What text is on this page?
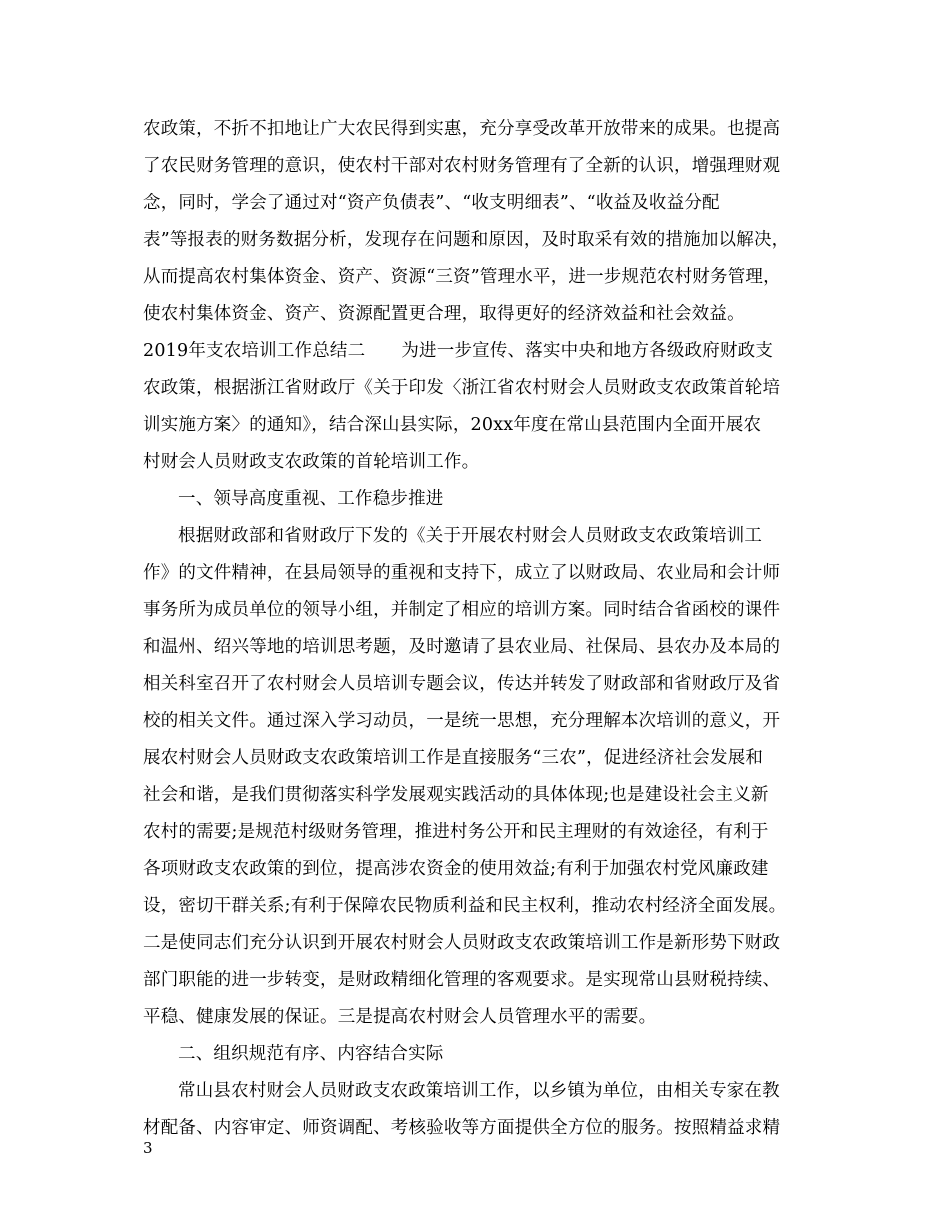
农政策，不折不扣地让广大农民得到实惠，充分享受改革开放带来的成果。也提高
了农民财务管理的意识，使农村干部对农村财务管理有了全新的认识，增强理财观
念，同时，学会了通过对“资产负债表”、“收支明细表”、“收益及收益分配
表”等报表的财务数据分析，发现存在问题和原因，及时取采有效的措施加以解决，
从而提高农村集体资金、资产、资源“三资”管理水平，进一步规范农村财务管理，
使农村集体资金、资产、资源配置更合理，取得更好的经济效益和社会效益。
2019年支农培训工作总结二 为进一步宣传、落实中央和地方各级政府财政支
农政策，根据浙江省财政厅《关于印发〈浙江省农村财会人员财政支农政策首轮培
训实施方案〉的通知》，结合深山县实际，20xx年度在常山县范围内全面开展农
村财会人员财政支农政策的首轮培训工作。
一、领导高度重视、工作稳步推进
根据财政部和省财政厅下发的《关于开展农村财会人员财政支农政策培训工
作》的文件精神，在县局领导的重视和支持下，成立了以财政局、农业局和会计师
事务所为成员单位的领导小组，并制定了相应的培训方案。同时结合省函校的课件
和温州、绍兴等地的培训思考题，及时邀请了县农业局、社保局、县农办及本局的
相关科室召开了农村财会人员培训专题会议，传达并转发了财政部和省财政厅及省
校的相关文件。通过深入学习动员，一是统一思想，充分理解本次培训的意义，开
展农村财会人员财政支农政策培训工作是直接服务“三农”，促进经济社会发展和
社会和谐，是我们贯彻落实科学发展观实践活动的具体体现;也是建设社会主义新
农村的需要;是规范村级财务管理，推进村务公开和民主理财的有效途径，有利于
各项财政支农政策的到位，提高涉农资金的使用效益;有利于加强农村党风廉政建
设，密切干群关系;有利于保障农民物质利益和民主权利，推动农村经济全面发展。
二是使同志们充分认识到开展农村财会人员财政支农政策培训工作是新形势下财政
部门职能的进一步转变，是财政精细化管理的客观要求。是实现常山县财税持续、
平稳、健康发展的保证。三是提高农村财会人员管理水平的需要。
二、组织规范有序、内容结合实际
常山县农村财会人员财政支农政策培训工作，以乡镇为单位，由相关专家在教
材配备、内容审定、师资调配、考核验收等方面提供全方位的服务。按照精益求精
3
